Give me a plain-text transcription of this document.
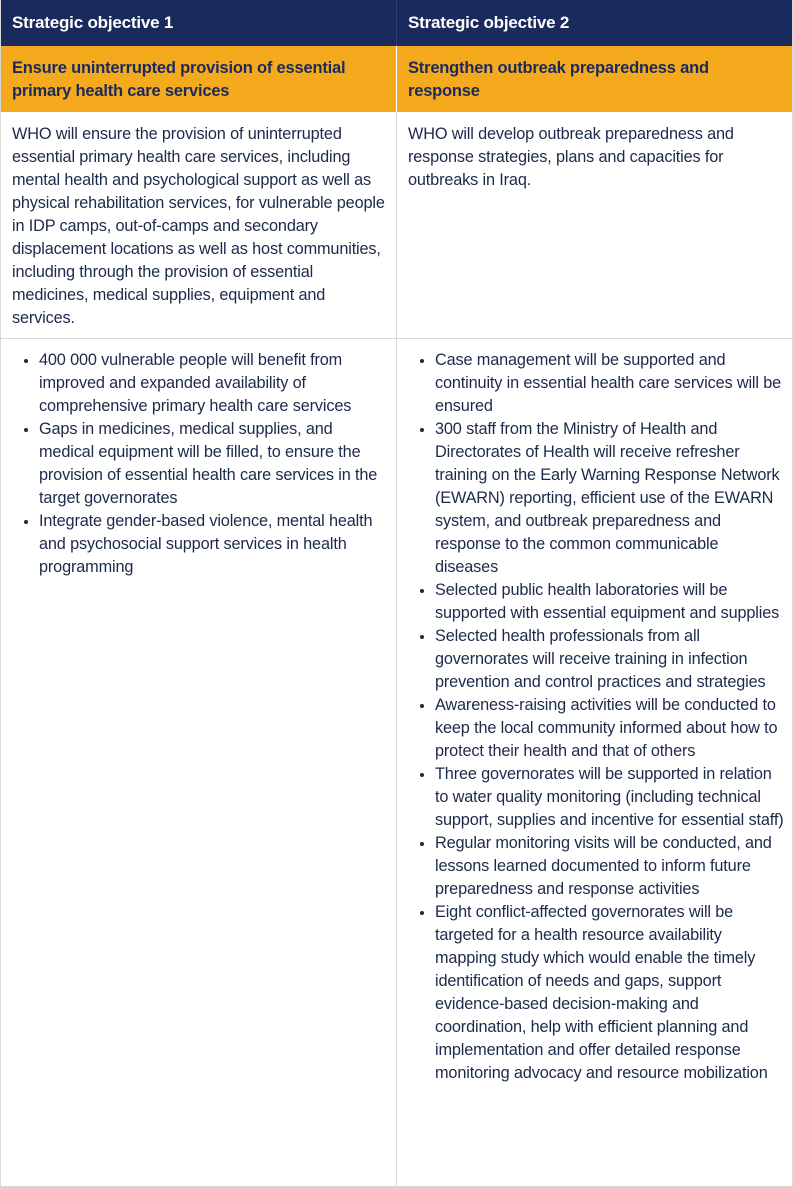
Strategic objective 1	Strategic objective 2
Ensure uninterrupted provision of essential primary health care services
Strengthen outbreak preparedness and response
WHO will ensure the provision of uninterrupted essential primary health care services, including mental health and psychological support as well as physical rehabilitation services, for vulnerable people in IDP camps, out-of-camps and secondary displacement locations as well as host communities, including through the provision of essential medicines, medical supplies, equipment and services.
WHO will develop outbreak preparedness and response strategies, plans and capacities for outbreaks in Iraq.
• 400 000 vulnerable people will benefit from improved and expanded availability of comprehensive primary health care services
• Gaps in medicines, medical supplies, and medical equipment will be filled, to ensure the provision of essential health care services in the target governorates
• Integrate gender-based violence, mental health and psychosocial support services in health programming
• Case management will be supported and continuity in essential health care services will be ensured
• 300 staff from the Ministry of Health and Directorates of Health will receive refresher training on the Early Warning Response Network (EWARN) reporting, efficient use of the EWARN system, and outbreak preparedness and response to the common communicable diseases
• Selected public health laboratories will be supported with essential equipment and supplies
• Selected health professionals from all governorates will receive training in infection prevention and control practices and strategies
• Awareness-raising activities will be conducted to keep the local community informed about how to protect their health and that of others
• Three governorates will be supported in relation to water quality monitoring (including technical support, supplies and incentive for essential staff)
• Regular monitoring visits will be conducted, and lessons learned documented to inform future preparedness and response activities
• Eight conflict-affected governorates will be targeted for a health resource availability mapping study which would enable the timely identification of needs and gaps, support evidence-based decision-making and coordination, help with efficient planning and implementation and offer detailed response monitoring advocacy and resource mobilization
